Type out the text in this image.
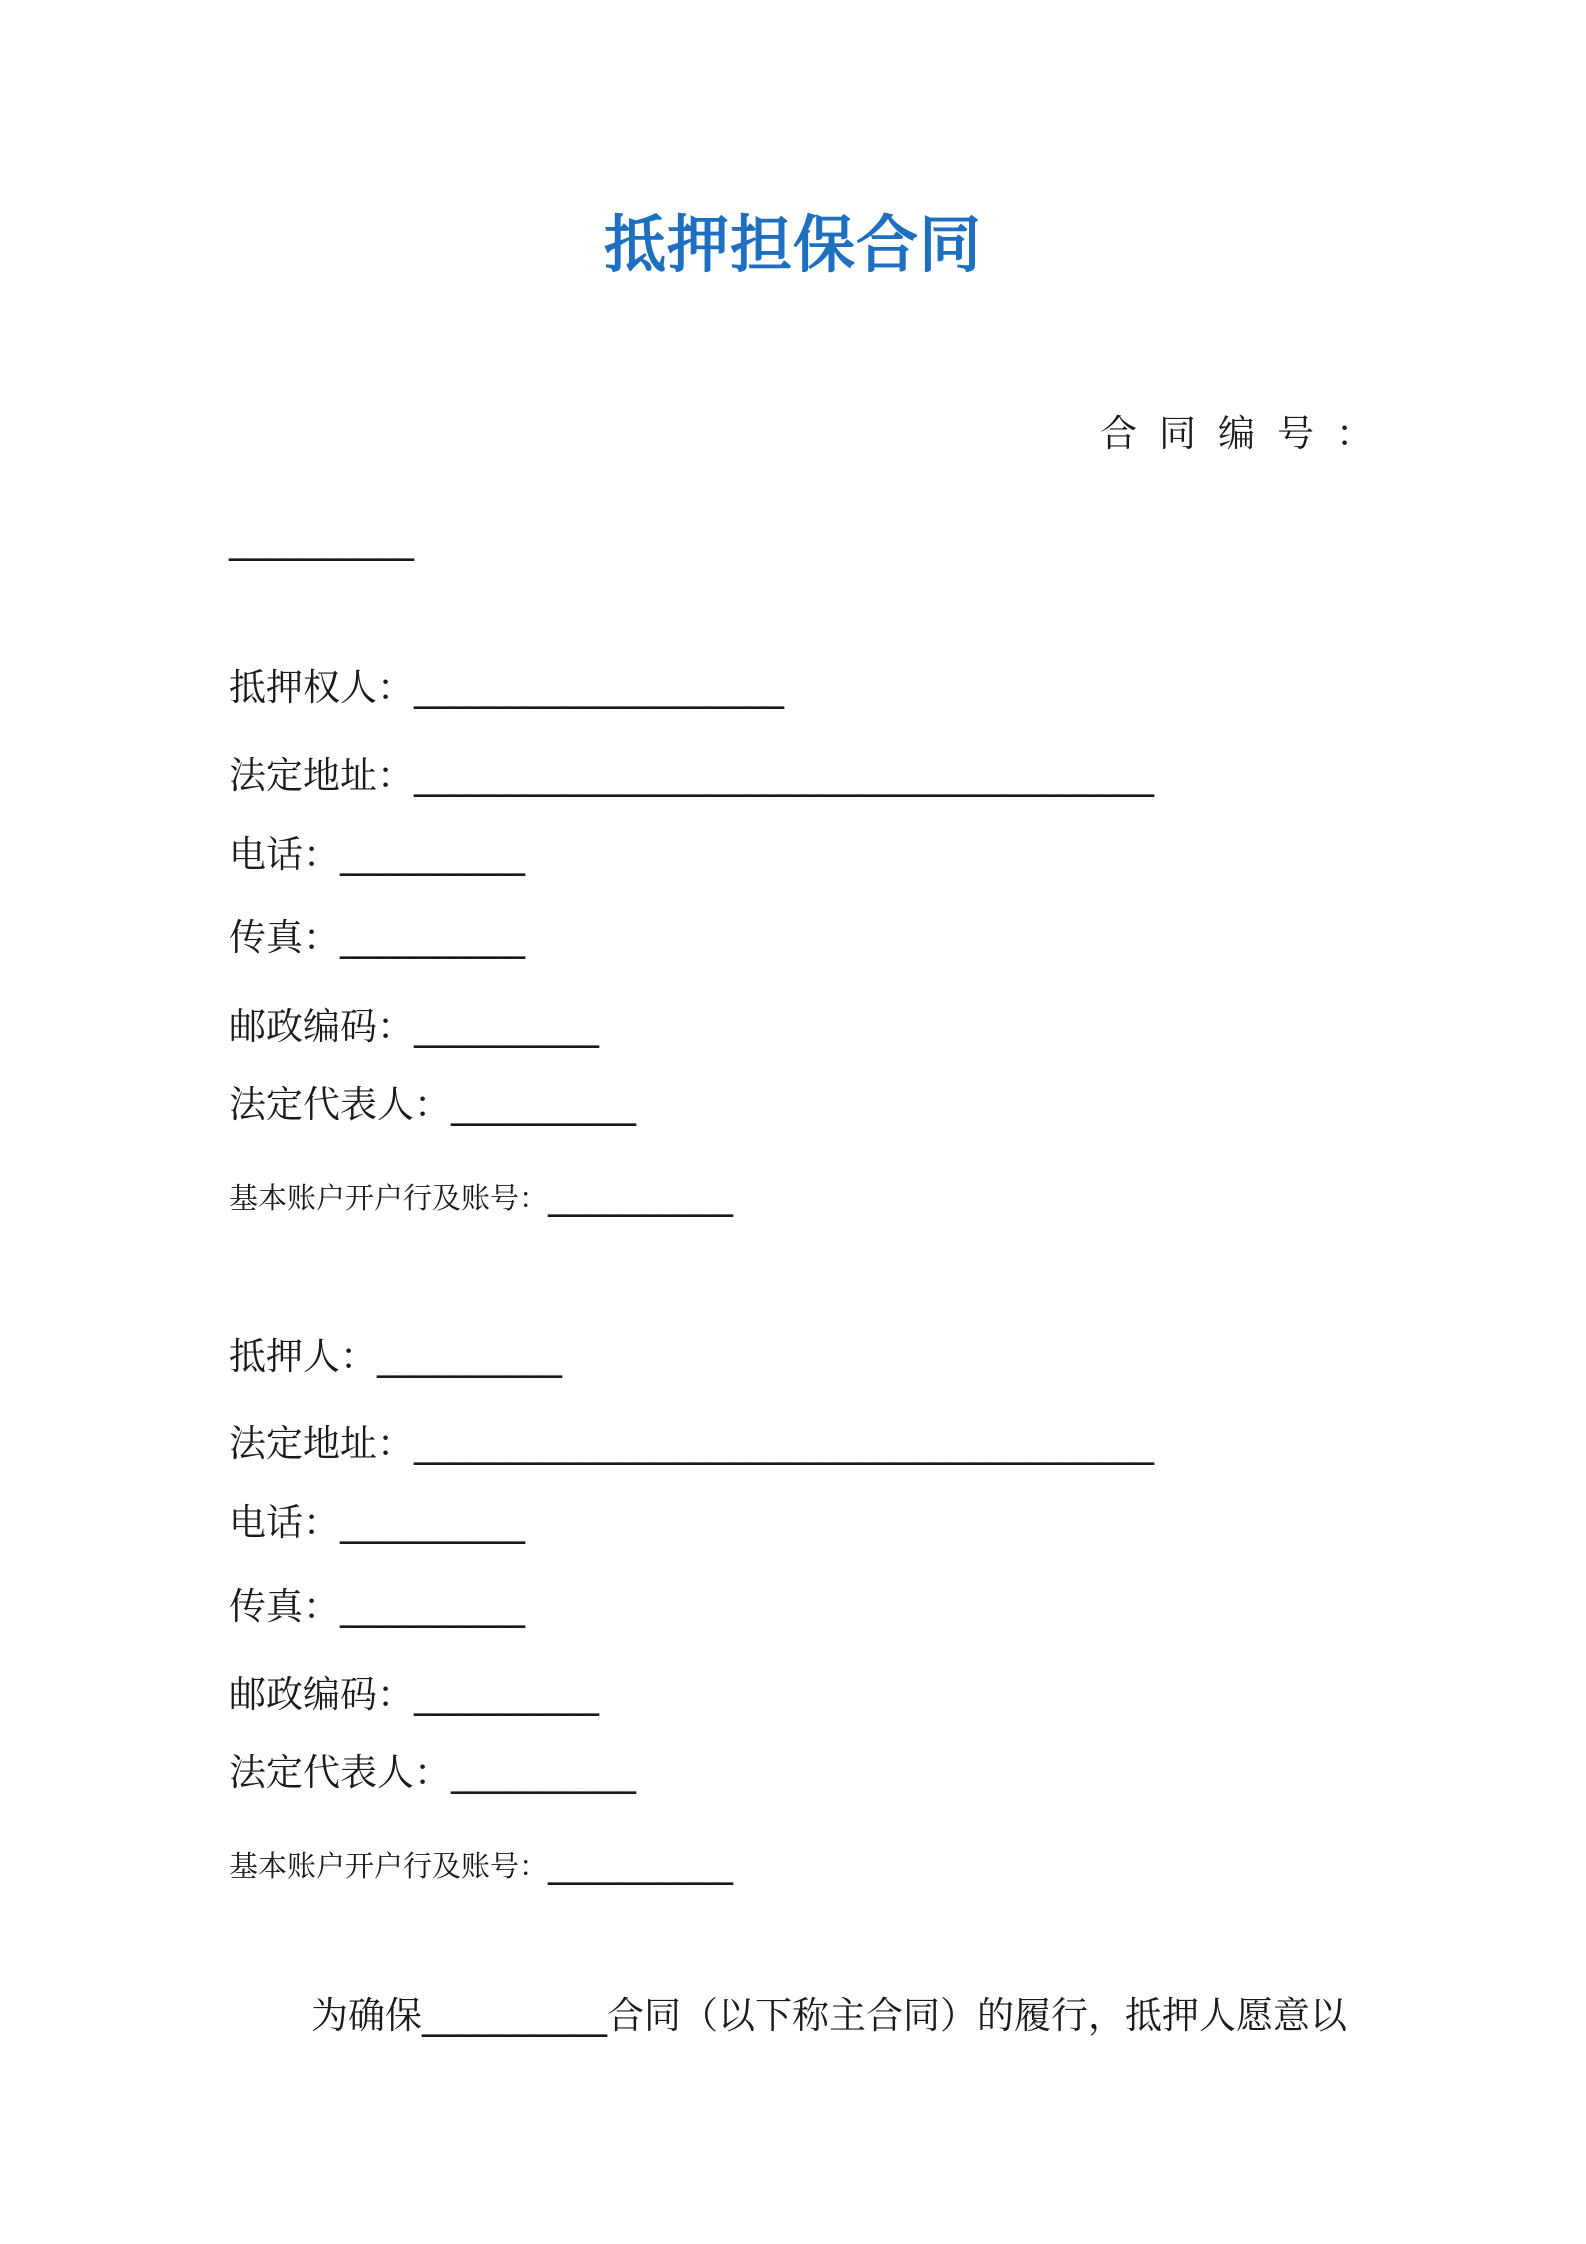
抵押担保合同
合同编号：
__________
抵押权人：____________________
法定地址：________________________________________
电话：__________
传真：__________
邮政编码：__________
法定代表人：__________
基本账户开户行及账号：__________
抵押人：__________
法定地址：________________________________________
电话：__________
传真：__________
邮政编码：__________
法定代表人：__________
基本账户开户行及账号：__________
为确保__________合同（以下称主合同）的履行，抵押人愿意以
